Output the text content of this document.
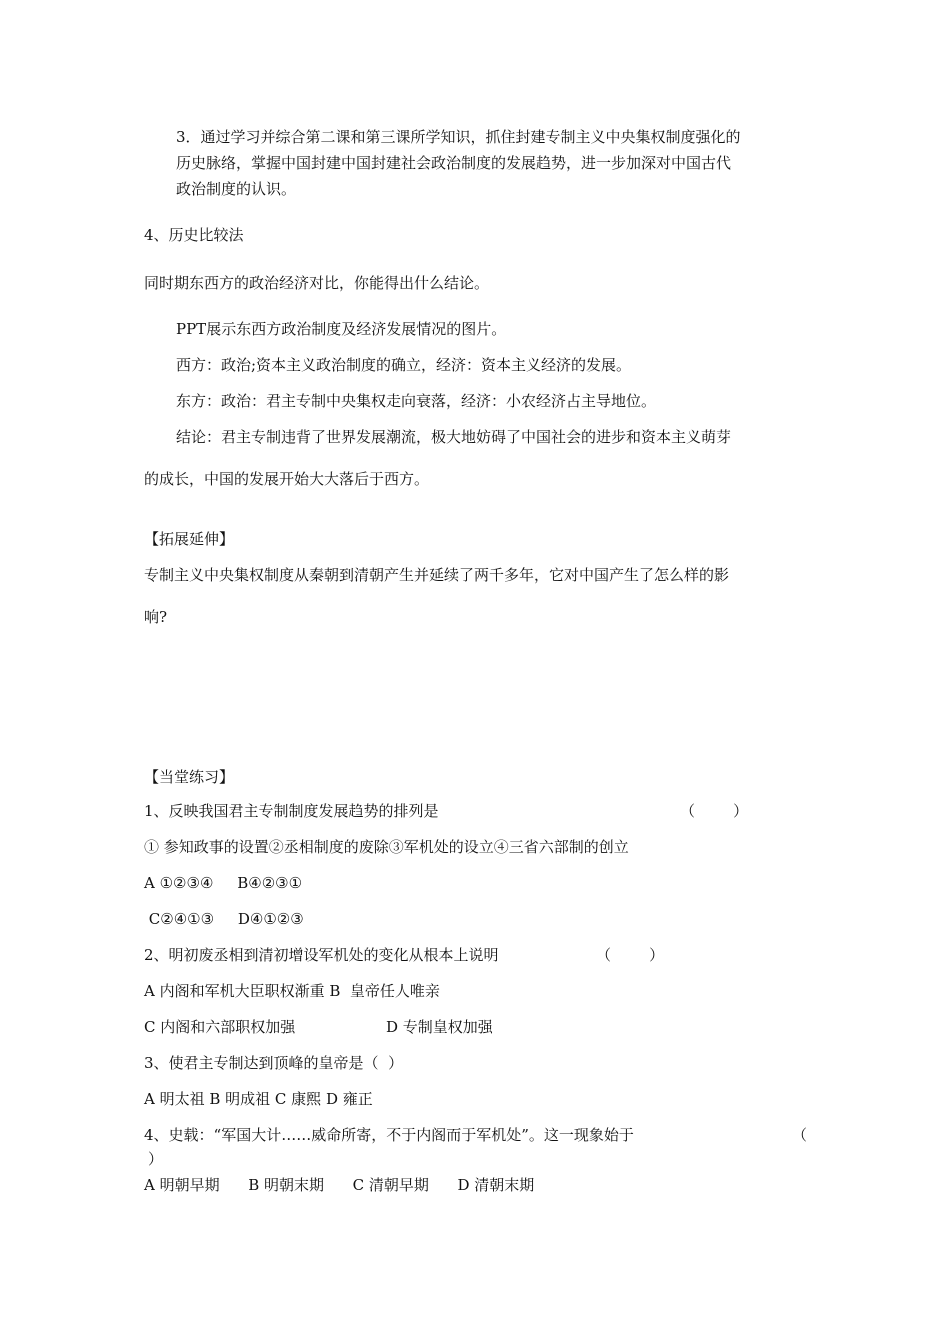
3．通过学习并综合第二课和第三课所学知识，抓住封建专制主义中央集权制度强化的
历史脉络，掌握中国封建中国封建社会政治制度的发展趋势，进一步加深对中国古代
政治制度的认识。
4、历史比较法
同时期东西方的政治经济对比，你能得出什么结论。
PPT展示东西方政治制度及经济发展情况的图片。
西方：政治;资本主义政治制度的确立，经济：资本主义经济的发展。
东方：政治：君主专制中央集权走向衰落，经济：小农经济占主导地位。
结论：君主专制违背了世界发展潮流，极大地妨碍了中国社会的进步和资本主义萌芽
的成长，中国的发展开始大大落后于西方。
【拓展延伸】
专制主义中央集权制度从秦朝到清朝产生并延续了两千多年，它对中国产生了怎么样的影
响?
【当堂练习】
1、反映我国君主专制制度发展趋势的排列是	（        ）
① 参知政事的设置②丞相制度的废除③军机处的设立④三省六部制的创立
A ①②③④     B④②③①
C②④①③     D④①②③
2、明初废丞相到清初增设军机处的变化从根本上说明	（        ）
A 内阁和军机大臣职权渐重 B  皇帝任人唯亲
C 内阁和六部职权加强	D 专制皇权加强
3、使君主专制达到顶峰的皇帝是（  ）
A 明太祖 B 明成祖 C 康熙 D 雍正
4、史载：“军国大计……威命所寄，不于内阁而于军机处”。这一现象始于	（
）
A 明朝早期      B 明朝末期      C 清朝早期      D 清朝末期
